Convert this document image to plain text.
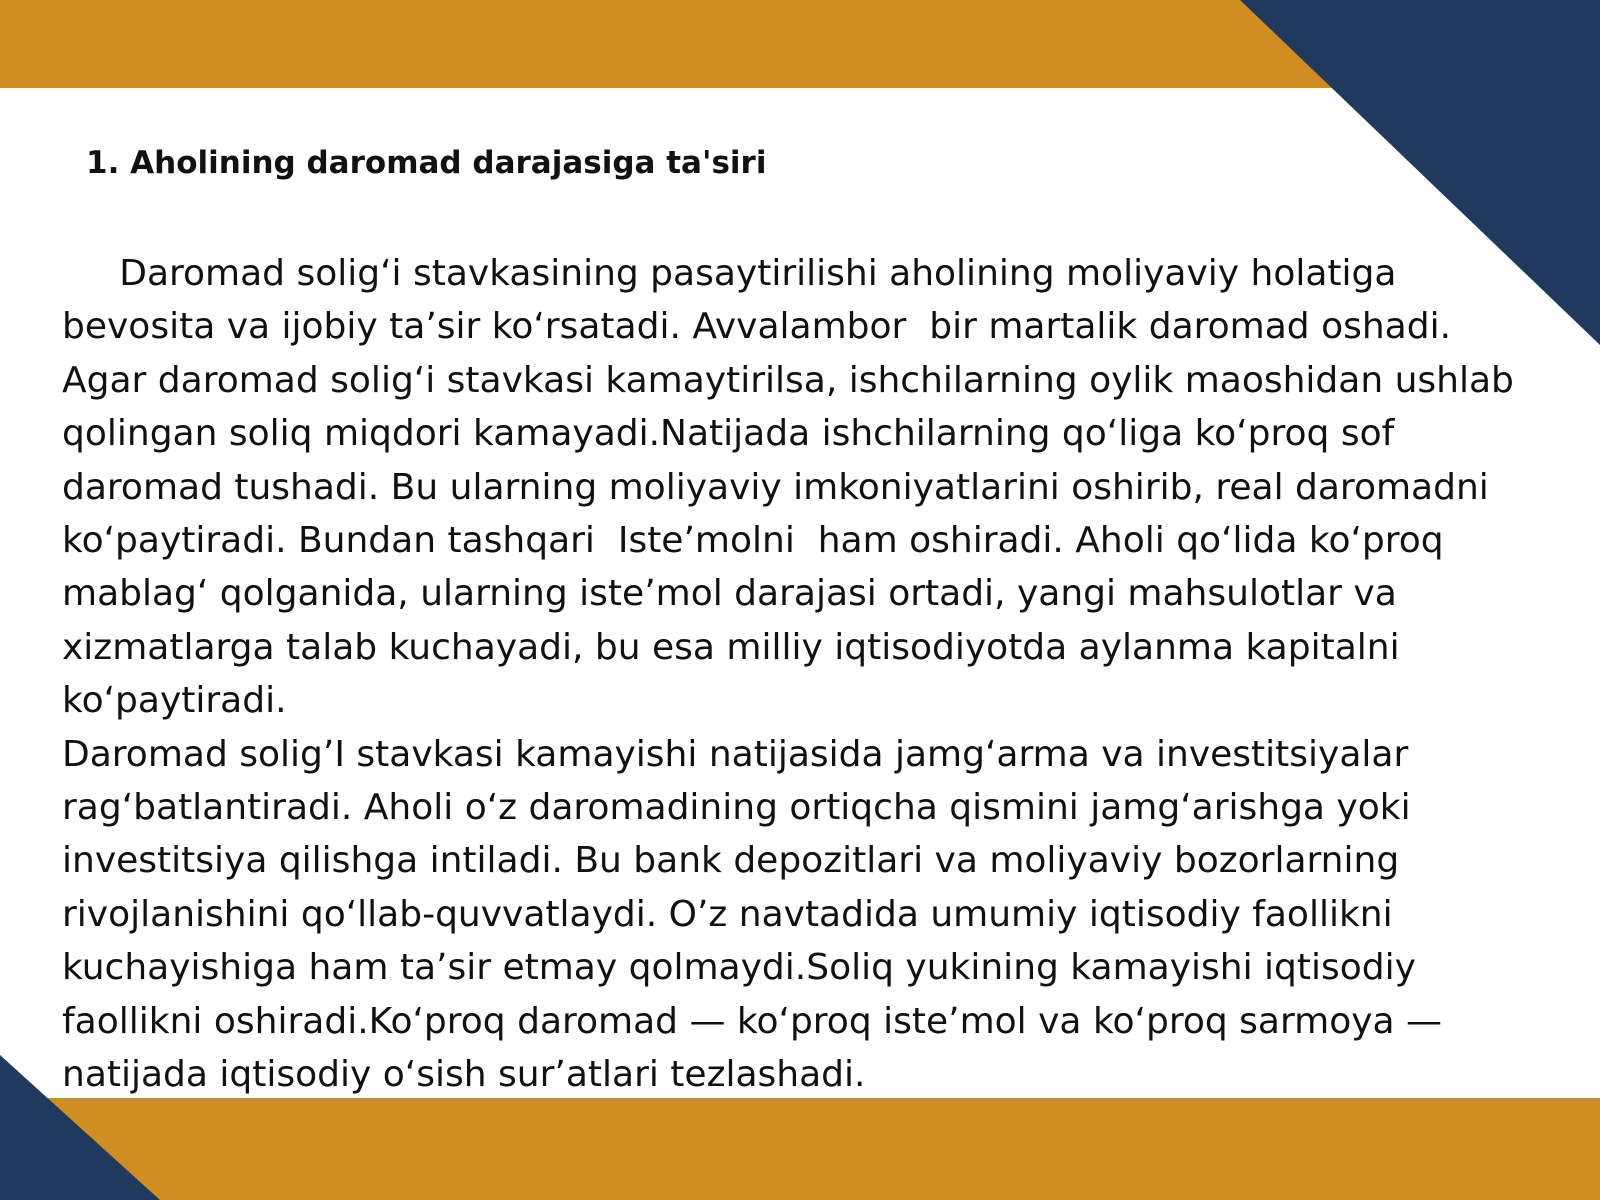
1. Aholining daromad darajasiga ta'siri
Daromad solig‘i stavkasining pasaytirilishi aholining moliyaviy holatiga
bevosita va ijobiy ta’sir ko‘rsatadi. Avvalambor  bir martalik daromad oshadi.
Agar daromad solig‘i stavkasi kamaytirilsa, ishchilarning oylik maoshidan ushlab
qolingan soliq miqdori kamayadi.Natijada ishchilarning qo‘liga ko‘proq sof
daromad tushadi. Bu ularning moliyaviy imkoniyatlarini oshirib, real daromadni
ko‘paytiradi. Bundan tashqari  Iste’molni  ham oshiradi. Aholi qo‘lida ko‘proq
mablag‘ qolganida, ularning iste’mol darajasi ortadi, yangi mahsulotlar va
xizmatlarga talab kuchayadi, bu esa milliy iqtisodiyotda aylanma kapitalni
ko‘paytiradi.
Daromad solig’I stavkasi kamayishi natijasida jamg‘arma va investitsiyalar
rag‘batlantiradi. Aholi o‘z daromadining ortiqcha qismini jamg‘arishga yoki
investitsiya qilishga intiladi. Bu bank depozitlari va moliyaviy bozorlarning
rivojlanishini qo‘llab-quvvatlaydi. O’z navtadida umumiy iqtisodiy faollikni
kuchayishiga ham ta’sir etmay qolmaydi.Soliq yukining kamayishi iqtisodiy
faollikni oshiradi.Ko‘proq daromad — ko‘proq iste’mol va ko‘proq sarmoya —
natijada iqtisodiy o‘sish sur’atlari tezlashadi.
